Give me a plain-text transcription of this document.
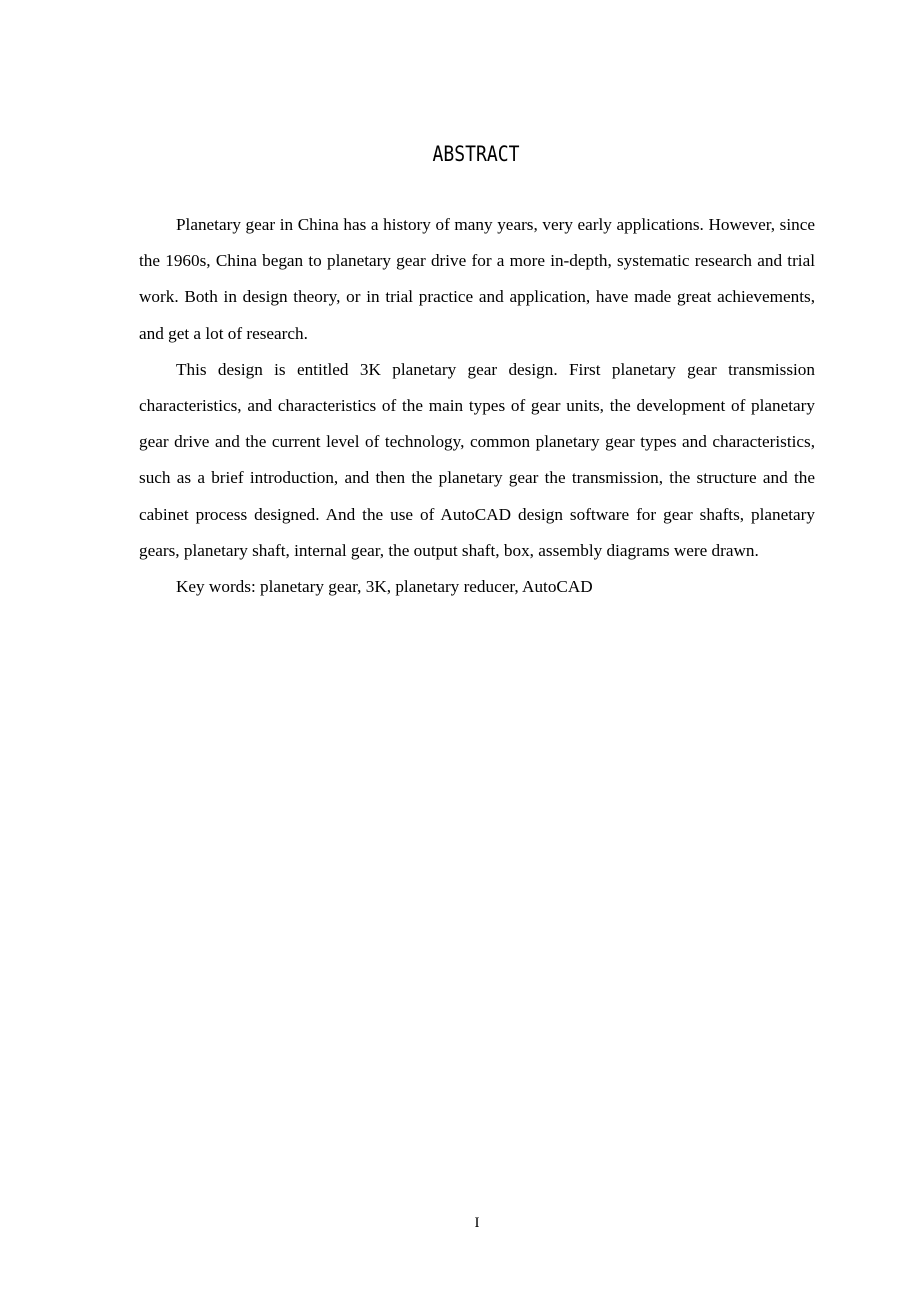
ABSTRACT

Planetary gear in China has a history of many years, very early applications. However, since the 1960s, China began to planetary gear drive for a more in-depth, systematic research and trial work. Both in design theory, or in trial practice and application, have made great achievements, and get a lot of research.

This design is entitled 3K planetary gear design. First planetary gear transmission characteristics, and characteristics of the main types of gear units, the development of planetary gear drive and the current level of technology, common planetary gear types and characteristics, such as a brief introduction, and then the planetary gear the transmission, the structure and the cabinet process designed. And the use of AutoCAD design software for gear shafts, planetary gears, planetary shaft, internal gear, the output shaft, box, assembly diagrams were drawn.

Key words: planetary gear, 3K, planetary reducer, AutoCAD

I
